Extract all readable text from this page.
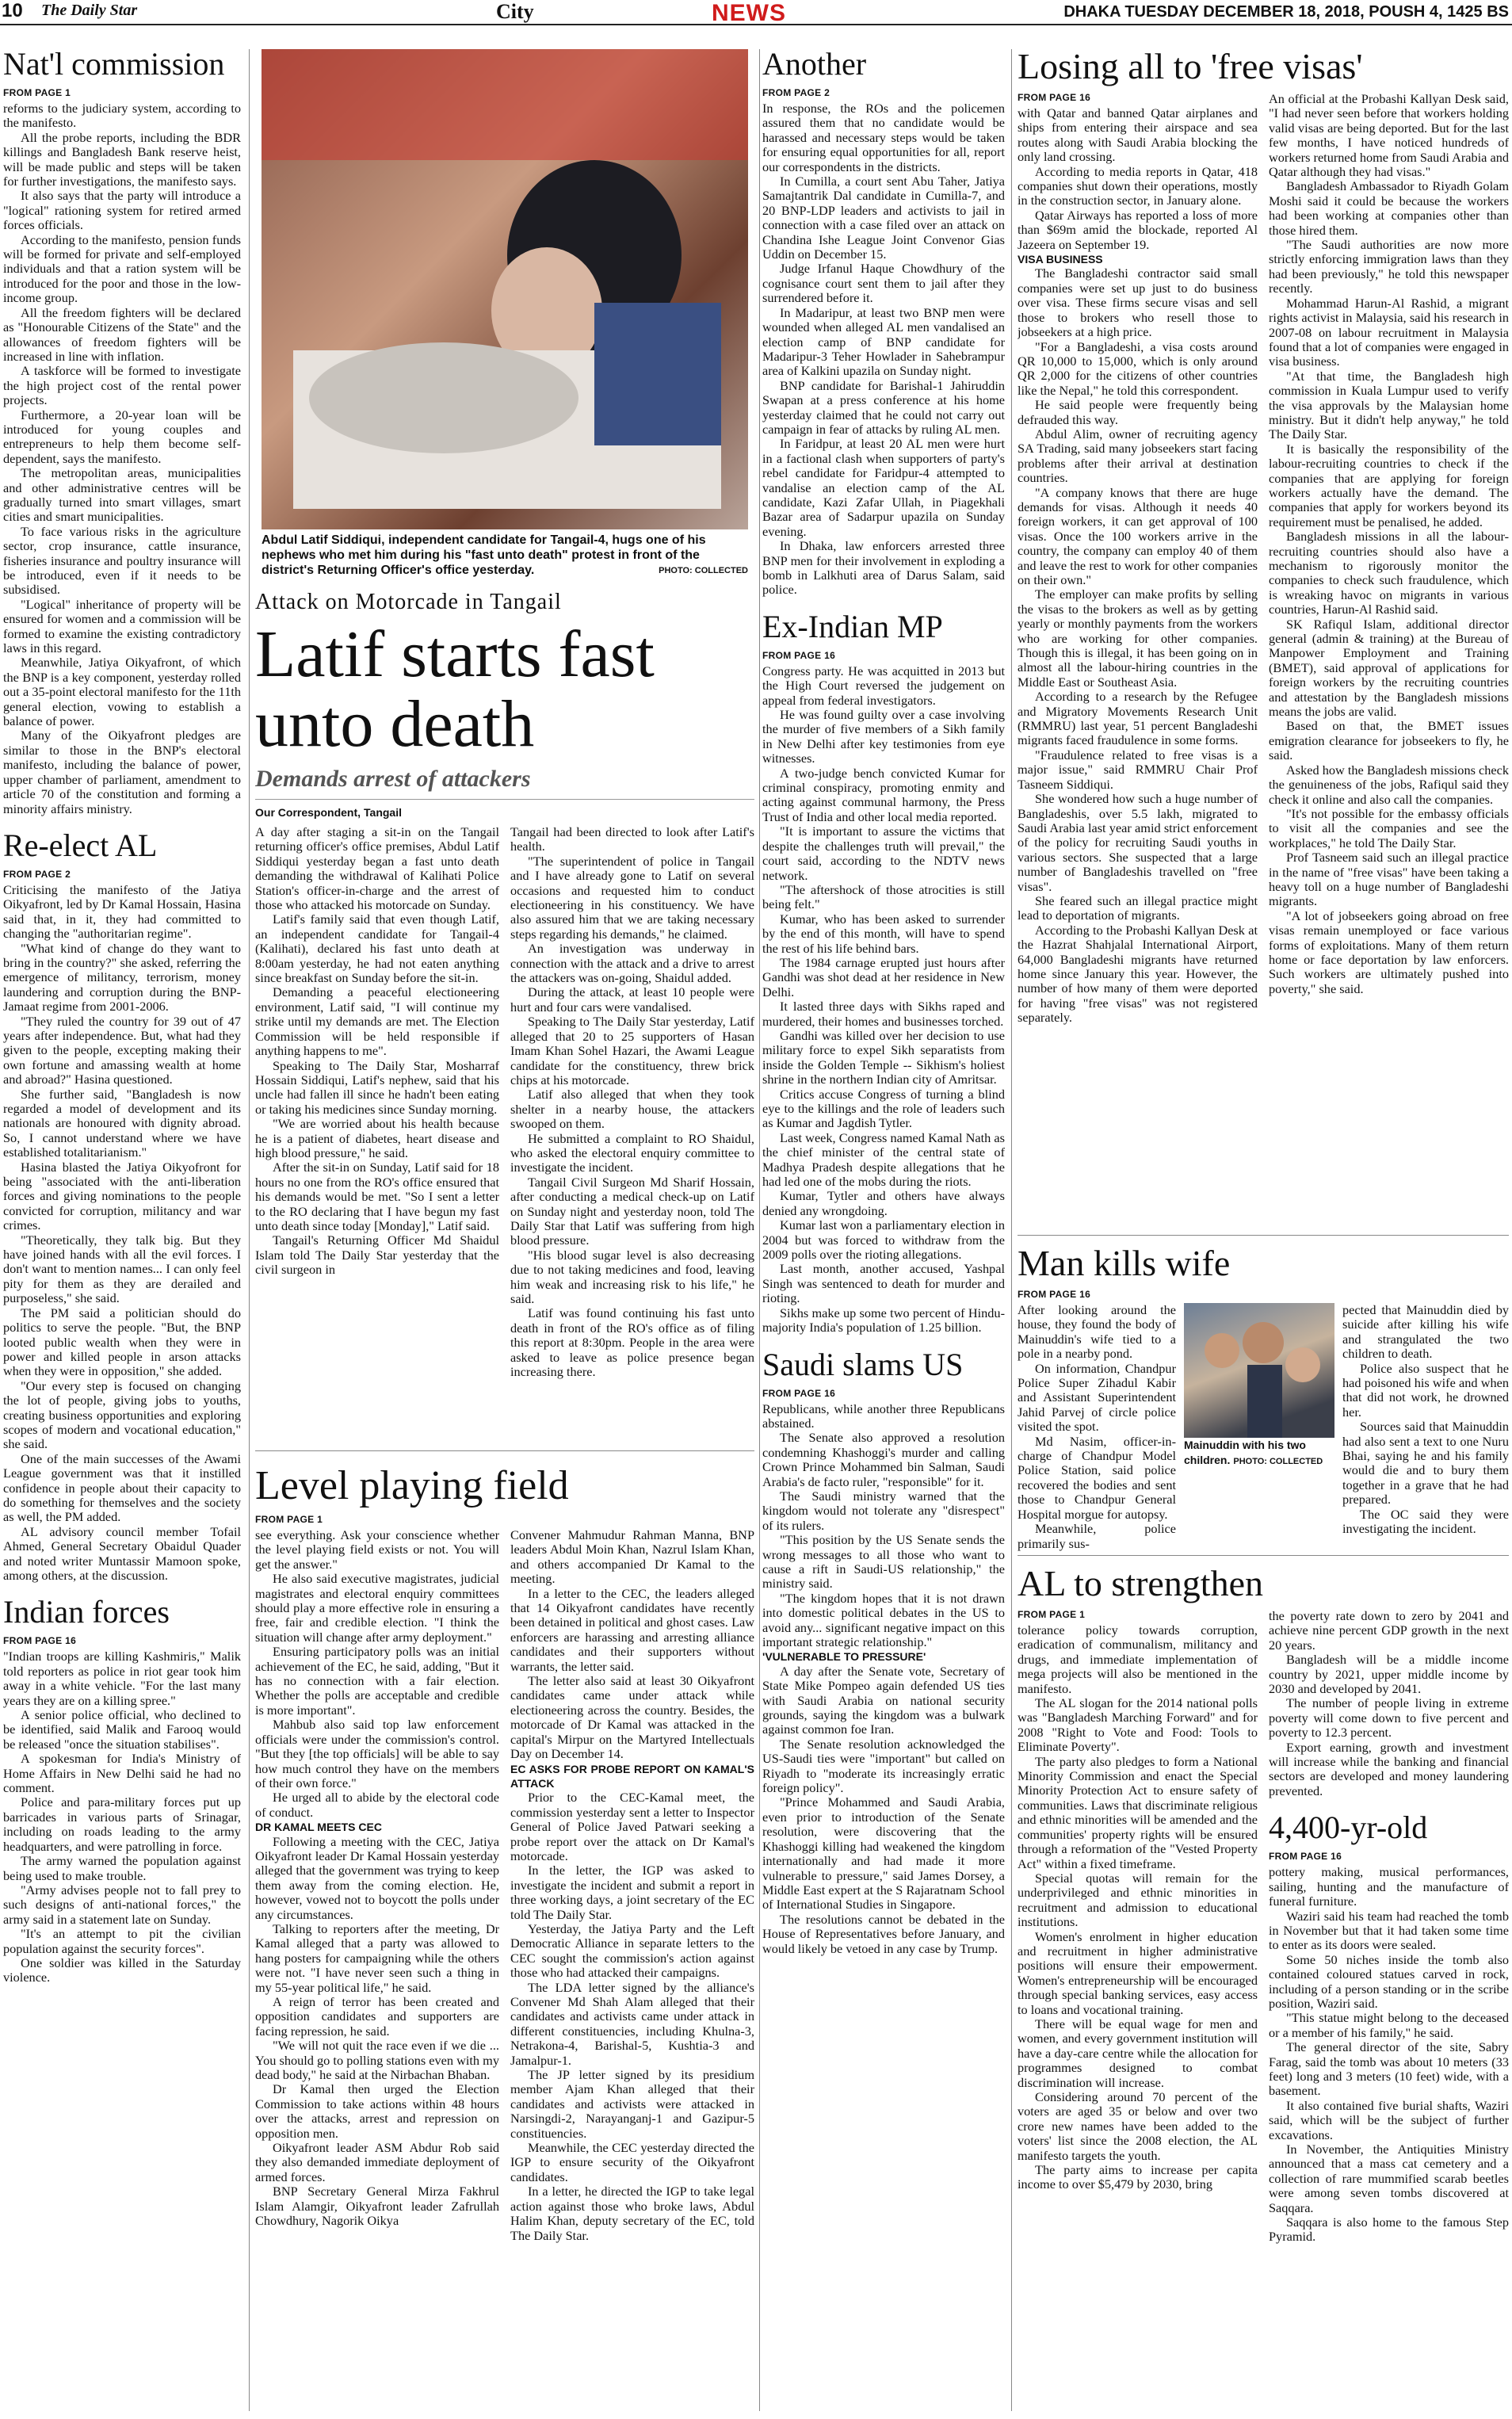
10 The Daily Star	City	NEWS	DHAKA TUESDAY DECEMBER 18, 2018, POUSH 4, 1425 BS
Nat'l commission
FROM PAGE 1

reforms to the judiciary system, according to the manifesto.

All the probe reports, including the BDR killings and Bangladesh Bank reserve heist, will be made public and steps will be taken for further investigations, the manifesto says.

It also says that the party will introduce a "logical" rationing system for retired armed forces officials.

According to the manifesto, pension funds will be formed for private and self-employed individuals and that a ration system will be introduced for the poor and those in the low-income group.

All the freedom fighters will be declared as "Honourable Citizens of the State" and the allowances of freedom fighters will be increased in line with inflation.

A taskforce will be formed to investigate the high project cost of the rental power projects.

Furthermore, a 20-year loan will be introduced for young couples and entrepreneurs to help them become self-dependent, says the manifesto.

The metropolitan areas, municipalities and other administrative centres will be gradually turned into smart villages, smart cities and smart municipalities.

To face various risks in the agriculture sector, crop insurance, cattle insurance, fisheries insurance and poultry insurance will be introduced, even if it needs to be subsidised.

"Logical" inheritance of property will be ensured for women and a commission will be formed to examine the existing contradictory laws in this regard.

Meanwhile, Jatiya Oikyafront, of which the BNP is a key component, yesterday rolled out a 35-point electoral manifesto for the 11th general election, vowing to establish a balance of power.

Many of the Oikyafront pledges are similar to those in the BNP's electoral manifesto, including the balance of power, upper chamber of parliament, amendment to article 70 of the constitution and forming a minority affairs ministry.

Re-elect AL
FROM PAGE 2

Criticising the manifesto of the Jatiya Oikyafront, led by Dr Kamal Hossain, Hasina said that, in it, they had committed to changing the "authoritarian regime".

"What kind of change do they want to bring in the country?" she asked, referring the emergence of militancy, terrorism, money laundering and corruption during the BNP-Jamaat regime from 2001-2006.

"They ruled the country for 39 out of 47 years after independence. But, what had they given to the people, excepting making their own fortune and amassing wealth at home and abroad?" Hasina questioned.

She further said, "Bangladesh is now regarded a model of development and its nationals are honoured with dignity abroad. So, I cannot understand where we have established totalitarianism."

Hasina blasted the Jatiya Oikyofront for being "associated with the anti-liberation forces and giving nominations to the people convicted for corruption, militancy and war crimes.

"Theoretically, they talk big. But they have joined hands with all the evil forces. I don't want to mention names... I can only feel pity for them as they are derailed and purposeless," she said.

The PM said a politician should do politics to serve the people. "But, the BNP looted public wealth when they were in power and killed people in arson attacks when they were in opposition," she added.

"Our every step is focused on changing the lot of people, giving jobs to youths, creating business opportunities and exploring scopes of modern and vocational education," she said.

One of the main successes of the Awami League government was that it instilled confidence in people about their capacity to do something for themselves and the society as well, the PM added.

AL advisory council member Tofail Ahmed, General Secretary Obaidul Quader and noted writer Muntassir Mamoon spoke, among others, at the discussion.

Indian forces
FROM PAGE 16

"Indian troops are killing Kashmiris," Malik told reporters as police in riot gear took him away in a white vehicle. "For the last many years they are on a killing spree."

A senior police official, who declined to be identified, said Malik and Farooq would be released "once the situation stabilises".

A spokesman for India's Ministry of Home Affairs in New Delhi said he had no comment.

Police and para-military forces put up barricades in various parts of Srinagar, including on roads leading to the army headquarters, and were patrolling in force.

The army warned the population against being used to make trouble.

"Army advises people not to fall prey to such designs of anti-national forces," the army said in a statement late on Sunday.

"It's an attempt to pit the civilian population against the security forces".

One soldier was killed in the Saturday violence.

Abdul Latif Siddiqui, independent candidate for Tangail-4, hugs one of his nephews who met him during his "fast unto death" protest in front of the district's Returning Officer's office yesterday.	PHOTO: COLLECTED
Attack on Motorcade in Tangail
Latif starts fast unto death
Demands arrest of attackers
Our Correspondent, Tangail

A day after staging a sit-in on the Tangail returning officer's office premises, Abdul Latif Siddiqui yesterday began a fast unto death demanding the withdrawal of Kalihati Police Station's officer-in-charge and the arrest of those who attacked his motorcade on Sunday.

Latif's family said that even though Latif, an independent candidate for Tangail-4 (Kalihati), declared his fast unto death at 8:00am yesterday, he had not eaten anything since breakfast on Sunday before the sit-in.

Demanding a peaceful electioneering environment, Latif said, "I will continue my strike until my demands are met. The Election Commission will be held responsible if anything happens to me".

Speaking to The Daily Star, Mosharraf Hossain Siddiqui, Latif's nephew, said that his uncle had fallen ill since he hadn't been eating or taking his medicines since Sunday morning.

"We are worried about his health because he is a patient of diabetes, heart disease and high blood pressure," he said.

After the sit-in on Sunday, Latif said for 18 hours no one from the RO's office ensured that his demands would be met. "So I sent a letter to the RO declaring that I have begun my fast unto death since today [Monday]," Latif said.

Tangail's Returning Officer Md Shaidul Islam told The Daily Star yesterday that the civil surgeon in

Tangail had been directed to look after Latif's health.

"The superintendent of police in Tangail and I have already gone to Latif on several occasions and requested him to conduct electioneering in his constituency. We have also assured him that we are taking necessary steps regarding his demands," he claimed.

An investigation was underway in connection with the attack and a drive to arrest the attackers was on-going, Shaidul added.

During the attack, at least 10 people were hurt and four cars were vandalised.

Speaking to The Daily Star yesterday, Latif alleged that 20 to 25 supporters of Hasan Imam Khan Sohel Hazari, the Awami League candidate for the constituency, threw brick chips at his motorcade.

Latif also alleged that when they took shelter in a nearby house, the attackers swooped on them.

He submitted a complaint to RO Shaidul, who asked the electoral enquiry committee to investigate the incident.

Tangail Civil Surgeon Md Sharif Hossain, after conducting a medical check-up on Latif on Sunday night and yesterday noon, told The Daily Star that Latif was suffering from high blood pressure.

"His blood sugar level is also decreasing due to not taking medicines and food, leaving him weak and increasing risk to his life," he said.

Latif was found continuing his fast unto death in front of the RO's office as of filing this report at 8:30pm. People in the area were asked to leave as police presence began increasing there.

Level playing field
FROM PAGE 1

see everything. Ask your conscience whether the level playing field exists or not. You will get the answer."

He also said executive magistrates, judicial magistrates and electoral enquiry committees should play a more effective role in ensuring a free, fair and credible election. "I think the situation will change after army deployment."

Ensuring participatory polls was an initial achievement of the EC, he said, adding, "But it has no connection with a fair election. Whether the polls are acceptable and credible is more important".

Mahbub also said top law enforcement officials were under the commission's control. "But they [the top officials] will be able to say how much control they have on the members of their own force."

He urged all to abide by the electoral code of conduct.

DR KAMAL MEETS CEC

Following a meeting with the CEC, Jatiya Oikyafront leader Dr Kamal Hossain yesterday alleged that the government was trying to keep them away from the coming election. He, however, vowed not to boycott the polls under any circumstances.

Talking to reporters after the meeting, Dr Kamal alleged that a party was allowed to hang posters for campaigning while the others were not. "I have never seen such a thing in my 55-year political life," he said.

A reign of terror has been created and opposition candidates and supporters are facing repression, he said.

"We will not quit the race even if we die ... You should go to polling stations even with my dead body," he said at the Nirbachan Bhaban.

Dr Kamal then urged the Election Commission to take actions within 48 hours over the attacks, arrest and repression on opposition men.

Oikyafront leader ASM Abdur Rob said they also demanded immediate deployment of armed forces.

BNP Secretary General Mirza Fakhrul Islam Alamgir, Oikyafront leader Zafrullah Chowdhury, Nagorik Oikya

Convener Mahmudur Rahman Manna, BNP leaders Abdul Moin Khan, Nazrul Islam Khan, and others accompanied Dr Kamal to the meeting.

In a letter to the CEC, the leaders alleged that 14 Oikyafront candidates have recently been detained in political and ghost cases. Law enforcers are harassing and arresting alliance candidates and their supporters without warrants, the letter said.

The letter also said at least 30 Oikyafront candidates came under attack while electioneering across the country. Besides, the motorcade of Dr Kamal was attacked in the capital's Mirpur on the Martyred Intellectuals Day on December 14.

EC ASKS FOR PROBE REPORT ON KAMAL'S ATTACK

Prior to the CEC-Kamal meet, the commission yesterday sent a letter to Inspector General of Police Javed Patwari seeking a probe report over the attack on Dr Kamal's motorcade.

In the letter, the IGP was asked to investigate the incident and submit a report in three working days, a joint secretary of the EC told The Daily Star.

Yesterday, the Jatiya Party and the Left Democratic Alliance in separate letters to the CEC sought the commission's action against those who had attacked their campaigns.

The LDA letter signed by the alliance's Convener Md Shah Alam alleged that their candidates and activists came under attack in different constituencies, including Khulna-3, Netrakona-4, Barishal-5, Kushtia-3 and Jamalpur-1.

The JP letter signed by its presidium member Ajam Khan alleged that their candidates and activists were attacked in Narsingdi-2, Narayanganj-1 and Gazipur-5 constituencies.

Meanwhile, the CEC yesterday directed the IGP to ensure security of the Oikyafront candidates.

In a letter, he directed the IGP to take legal action against those who broke laws, Abdul Halim Khan, deputy secretary of the EC, told The Daily Star.

Another
FROM PAGE 2

In response, the ROs and the policemen assured them that no candidate would be harassed and necessary steps would be taken for ensuring equal opportunities for all, report our correspondents in the districts.

In Cumilla, a court sent Abu Taher, Jatiya Samajtantrik Dal candidate in Cumilla-7, and 20 BNP-LDP leaders and activists to jail in connection with a case filed over an attack on Chandina Ishe League Joint Convenor Gias Uddin on December 15.

Judge Irfanul Haque Chowdhury of the cognisance court sent them to jail after they surrendered before it.

In Madaripur, at least two BNP men were wounded when alleged AL men vandalised an election camp of BNP candidate for Madaripur-3 Teher Howlader in Sahebrampur area of Kalkini upazila on Sunday night.

BNP candidate for Barishal-1 Jahiruddin Swapan at a press conference at his home yesterday claimed that he could not carry out campaign in fear of attacks by ruling AL men.

In Faridpur, at least 20 AL men were hurt in a factional clash when supporters of party's rebel candidate for Faridpur-4 attempted to vandalise an election camp of the AL candidate, Kazi Zafar Ullah, in Piagekhali Bazar area of Sadarpur upazila on Sunday evening.

In Dhaka, law enforcers arrested three BNP men for their involvement in exploding a bomb in Lalkhuti area of Darus Salam, said police.

Ex-Indian MP
FROM PAGE 16

Congress party. He was acquitted in 2013 but the High Court reversed the judgement on appeal from federal investigators.

He was found guilty over a case involving the murder of five members of a Sikh family in New Delhi after key testimonies from eye witnesses.

A two-judge bench convicted Kumar for criminal conspiracy, promoting enmity and acting against communal harmony, the Press Trust of India and other local media reported.

"It is important to assure the victims that despite the challenges truth will prevail," the court said, according to the NDTV news network.

"The aftershock of those atrocities is still being felt."

Kumar, who has been asked to surrender by the end of this month, will have to spend the rest of his life behind bars.

The 1984 carnage erupted just hours after Gandhi was shot dead at her residence in New Delhi.

It lasted three days with Sikhs raped and murdered, their homes and businesses torched.

Gandhi was killed over her decision to use military force to expel Sikh separatists from inside the Golden Temple -- Sikhism's holiest shrine in the northern Indian city of Amritsar.

Critics accuse Congress of turning a blind eye to the killings and the role of leaders such as Kumar and Jagdish Tytler.

Last week, Congress named Kamal Nath as the chief minister of the central state of Madhya Pradesh despite allegations that he had led one of the mobs during the riots.

Kumar, Tytler and others have always denied any wrongdoing.

Kumar last won a parliamentary election in 2004 but was forced to withdraw from the 2009 polls over the rioting allegations.

Last month, another accused, Yashpal Singh was sentenced to death for murder and rioting.

Sikhs make up some two percent of Hindu-majority India's population of 1.25 billion.

Saudi slams US
FROM PAGE 16

Republicans, while another three Republicans abstained.

The Senate also approved a resolution condemning Khashoggi's murder and calling Crown Prince Mohammed bin Salman, Saudi Arabia's de facto ruler, "responsible" for it.

The Saudi ministry warned that the kingdom would not tolerate any "disrespect" of its rulers.

"This position by the US Senate sends the wrong messages to all those who want to cause a rift in Saudi-US relationship," the ministry said.

"The kingdom hopes that it is not drawn into domestic political debates in the US to avoid any... significant negative impact on this important strategic relationship."

'VULNERABLE TO PRESSURE'

A day after the Senate vote, Secretary of State Mike Pompeo again defended US ties with Saudi Arabia on national security grounds, saying the kingdom was a bulwark against common foe Iran.

The Senate resolution acknowledged the US-Saudi ties were "important" but called on Riyadh to "moderate its increasingly erratic foreign policy".

"Prince Mohammed and Saudi Arabia, even prior to introduction of the Senate resolution, were discovering that the Khashoggi killing had weakened the kingdom internationally and had made it more vulnerable to pressure," said James Dorsey, a Middle East expert at the S Rajaratnam School of International Studies in Singapore.

The resolutions cannot be debated in the House of Representatives before January, and would likely be vetoed in any case by Trump.

Losing all to 'free visas'
FROM PAGE 16

with Qatar and banned Qatar airplanes and ships from entering their airspace and sea routes along with Saudi Arabia blocking the only land crossing.

According to media reports in Qatar, 418 companies shut down their operations, mostly in the construction sector, in January alone.

Qatar Airways has reported a loss of more than $69m amid the blockade, reported Al Jazeera on September 19.

VISA BUSINESS

The Bangladeshi contractor said small companies were set up just to do business over visa. These firms secure visas and sell those to brokers who resell those to jobseekers at a high price.

"For a Bangladeshi, a visa costs around QR 10,000 to 15,000, which is only around QR 2,000 for the citizens of other countries like the Nepal," he told this correspondent.

He said people were frequently being defrauded this way.

Abdul Alim, owner of recruiting agency SA Trading, said many jobseekers start facing problems after their arrival at destination countries.

"A company knows that there are huge demands for visas. Although it needs 40 foreign workers, it can get approval of 100 visas. Once the 100 workers arrive in the country, the company can employ 40 of them and leave the rest to work for other companies on their own."

The employer can make profits by selling the visas to the brokers as well as by getting yearly or monthly payments from the workers who are working for other companies. Though this is illegal, it has been going on in almost all the labour-hiring countries in the Middle East or Southeast Asia.

According to a research by the Refugee and Migratory Movements Research Unit (RMMRU) last year, 51 percent Bangladeshi migrants faced fraudulence in some forms.

"Fraudulence related to free visas is a major issue," said RMMRU Chair Prof Tasneem Siddiqui.

She wondered how such a huge number of Bangladeshis, over 5.5 lakh, migrated to Saudi Arabia last year amid strict enforcement of the policy for recruiting Saudi youths in various sectors. She suspected that a large number of Bangladeshis travelled on "free visas".

She feared such an illegal practice might lead to deportation of migrants.

According to the Probashi Kallyan Desk at the Hazrat Shahjalal International Airport, 64,000 Bangladeshi migrants have returned home since January this year. However, the number of how many of them were deported for having "free visas" was not registered separately.

An official at the Probashi Kallyan Desk said, "I had never seen before that workers holding valid visas are being deported. But for the last few months, I have noticed hundreds of workers returned home from Saudi Arabia and Qatar although they had visas."

Bangladesh Ambassador to Riyadh Golam Moshi said it could be because the workers had been working at companies other than those hired them.

"The Saudi authorities are now more strictly enforcing immigration laws than they had been previously," he told this newspaper recently.

Mohammad Harun-Al Rashid, a migrant rights activist in Malaysia, said his research in 2007-08 on labour recruitment in Malaysia found that a lot of companies were engaged in visa business.

"At that time, the Bangladesh high commission in Kuala Lumpur used to verify the visa approvals by the Malaysian home ministry. But it didn't help anyway," he told The Daily Star.

It is basically the responsibility of the labour-recruiting countries to check if the companies that are applying for foreign workers actually have the demand. The companies that apply for workers beyond its requirement must be penalised, he added.

Bangladesh missions in all the labour-recruiting countries should also have a mechanism to rigorously monitor the companies to check such fraudulence, which is wreaking havoc on migrants in various countries, Harun-Al Rashid said.

SK Rafiqul Islam, additional director general (admin & training) at the Bureau of Manpower Employment and Training (BMET), said approval of applications for foreign workers by the recruiting countries and attestation by the Bangladesh missions means the jobs are valid.

Based on that, the BMET issues emigration clearance for jobseekers to fly, he said.

Asked how the Bangladesh missions check the genuineness of the jobs, Rafiqul said they check it online and also call the companies.

"It's not possible for the embassy officials to visit all the companies and see the workplaces," he told The Daily Star.

Prof Tasneem said such an illegal practice in the name of "free visas" have been taking a heavy toll on a huge number of Bangladeshi migrants.

"A lot of jobseekers going abroad on free visas remain unemployed or face various forms of exploitations. Many of them return home or face deportation by law enforcers. Such workers are ultimately pushed into poverty," she said.

Man kills wife
FROM PAGE 16

After looking around the house, they found the body of Mainuddin's wife tied to a pole in a nearby pond.

On information, Chandpur Police Super Zihadul Kabir and Assistant Superintendent Jahid Parvej of circle police visited the spot.

Md Nasim, officer-in-charge of Chandpur Model Police Station, said police recovered the bodies and sent those to Chandpur General Hospital morgue for autopsy.

Meanwhile, police primarily sus-

Mainuddin with his two children. PHOTO: COLLECTED

pected that Mainuddin died by suicide after killing his wife and strangulated the two children to death.

Police also suspect that he had poisoned his wife and when that did not work, he drowned her.

Sources said that Mainuddin had also sent a text to one Nuru Bhai, saying he and his family would die and to bury them together in a grave that he had prepared.

The OC said they were investigating the incident.

AL to strengthen
FROM PAGE 1

tolerance policy towards corruption, eradication of communalism, militancy and drugs, and immediate implementation of mega projects will also be mentioned in the manifesto.

The AL slogan for the 2014 national polls was "Bangladesh Marching Forward" and for 2008 "Right to Vote and Food: Tools to Eliminate Poverty".

The party also pledges to form a National Minority Commission and enact the Special Minority Protection Act to ensure safety of communities. Laws that discriminate religious and ethnic minorities will be amended and the communities' property rights will be ensured through a reformation of the "Vested Property Act" within a fixed timeframe.

Special quotas will remain for the underprivileged and ethnic minorities in recruitment and admission to educational institutions.

Women's enrolment in higher education and recruitment in higher administrative positions will ensure their empowerment. Women's entrepreneurship will be encouraged through special banking services, easy access to loans and vocational training.

There will be equal wage for men and women, and every government institution will have a day-care centre while the allocation for programmes designed to combat discrimination will increase.

Considering around 70 percent of the voters are aged 35 or below and over two crore new names have been added to the voters' list since the 2008 election, the AL manifesto targets the youth.

The party aims to increase per capita income to over $5,479 by 2030, bring

the poverty rate down to zero by 2041 and achieve nine percent GDP growth in the next 20 years.

Bangladesh will be a middle income country by 2021, upper middle income by 2030 and developed by 2041.

The number of people living in extreme poverty will come down to five percent and poverty to 12.3 percent.

Export earning, growth and investment will increase while the banking and financial sectors are developed and money laundering prevented.

4,400-yr-old
FROM PAGE 16

pottery making, musical performances, sailing, hunting and the manufacture of funeral furniture.

Waziri said his team had reached the tomb in November but that it had taken some time to enter as its doors were sealed.

Some 50 niches inside the tomb also contained coloured statues carved in rock, including of a person standing or in the scribe position, Waziri said.

"This statue might belong to the deceased or a member of his family," he said.

The general director of the site, Sabry Farag, said the tomb was about 10 meters (33 feet) long and 3 meters (10 feet) wide, with a basement.

It also contained five burial shafts, Waziri said, which will be the subject of further excavations.

In November, the Antiquities Ministry announced that a mass cat cemetery and a collection of rare mummified scarab beetles were among seven tombs discovered at Saqqara.

Saqqara is also home to the famous Step Pyramid.
